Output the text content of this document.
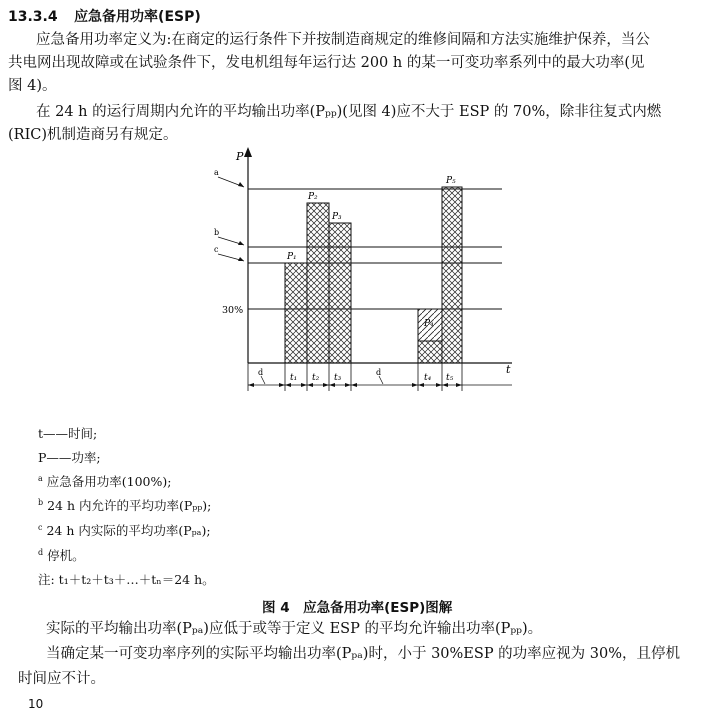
13.3.4 应急备用功率(ESP)
应急备用功率定义为:在商定的运行条件下并按制造商规定的维修间隔和方法实施维护保养，当公
共电网出现故障或在试验条件下，发电机组每年运行达 200 h 的某一可变功率系列中的最大功率(见
图 4)。
在 24 h 的运行周期内允许的平均输出功率(Pₚₚ)(见图 4)应不大于 ESP 的 70%，除非往复式内燃
(RIC)机制造商另有规定。
P
t
a
b
c
30%
P₁
P₂
P₃
P₄
P₅
d	d
t₁ t₂ t₃	t₄ t₅
t——时间;
P——功率;
$^a$ 应急备用功率(100%);
$^b$ 24 h 内允许的平均功率(Pₚₚ);
$^c$ 24 h 内实际的平均功率(Pₚₐ);
$^d$ 停机。
注: t₁＋t₂＋t₃＋…＋tₙ＝24 h。
图 4　应急备用功率(ESP)图解
实际的平均输出功率(Pₚₐ)应低于或等于定义 ESP 的平均允许输出功率(Pₚₚ)。
当确定某一可变功率序列的实际平均输出功率(Pₚₐ)时，小于 30%ESP 的功率应视为 30%，且停机
时间应不计。
10
